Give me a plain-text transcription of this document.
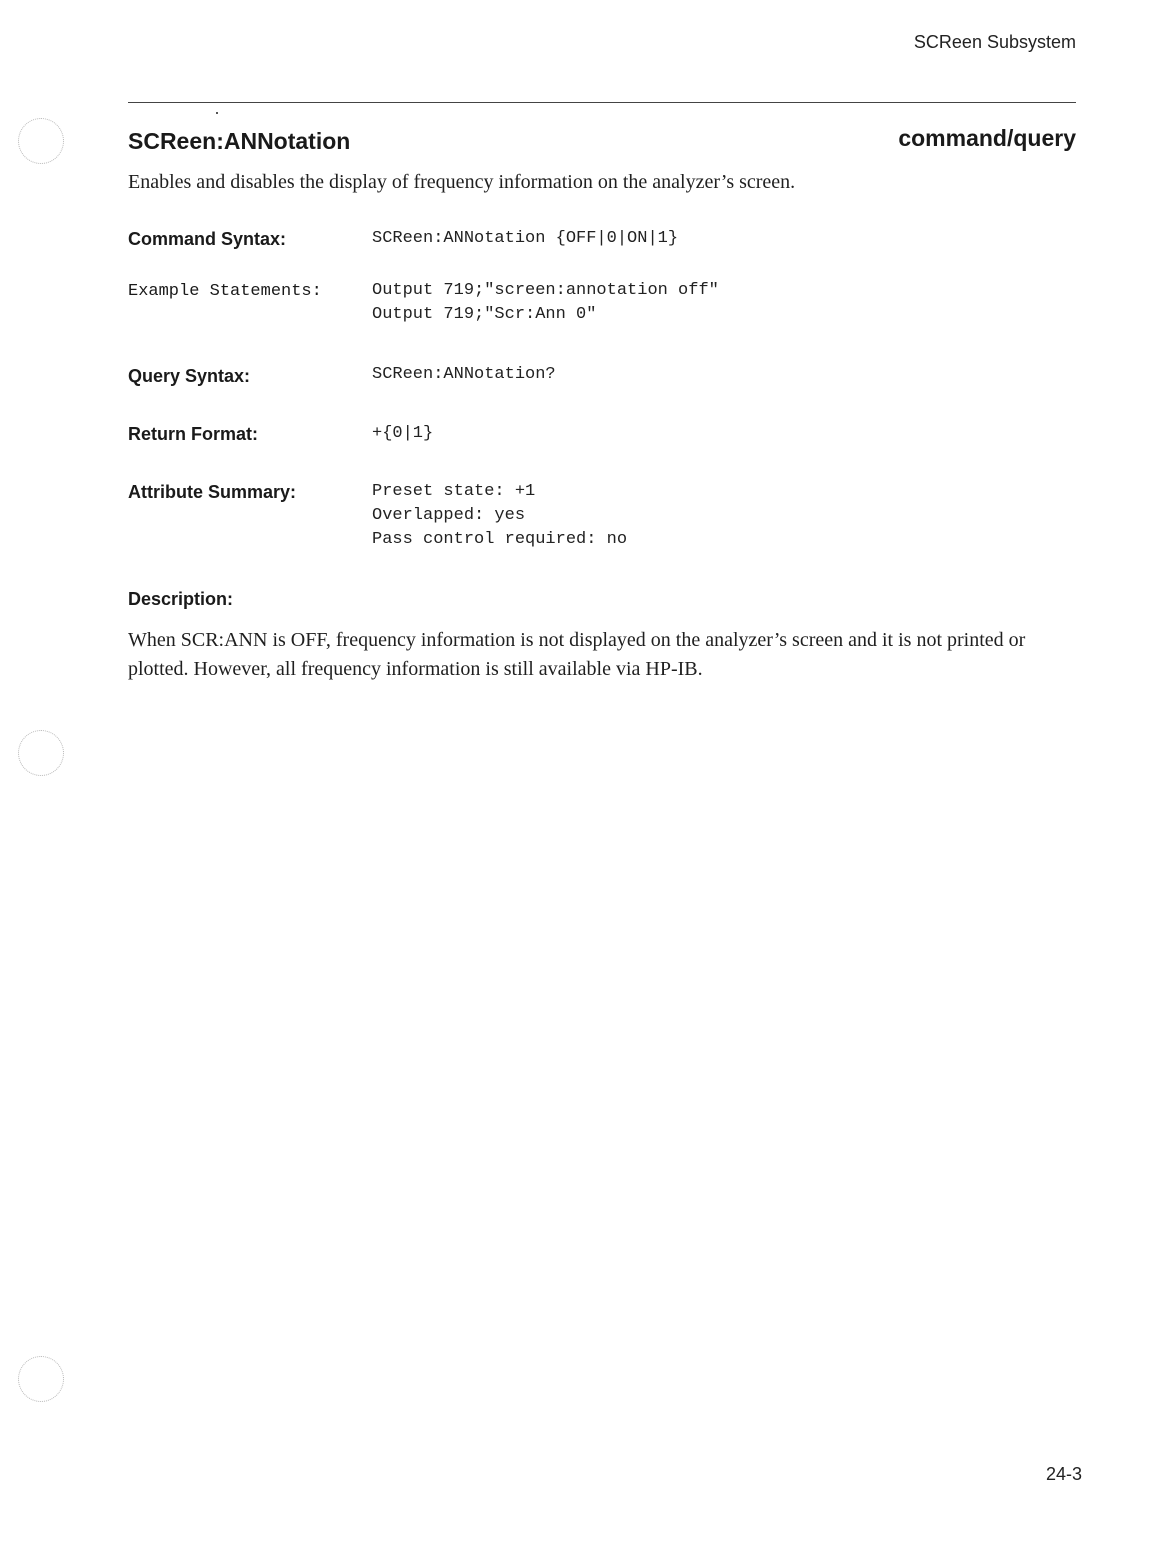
SCReen Subsystem
SCReen:ANNotation	command/query
Enables and disables the display of frequency information on the analyzer’s screen.
Command Syntax:	SCReen:ANNotation {OFF|0|ON|1}
Example Statements:	Output 719;"screen:annotation off"
Output 719;"Scr:Ann 0"
Query Syntax:	SCReen:ANNotation?
Return Format:	+{0|1}
Attribute Summary:	Preset state: +1
Overlapped: yes
Pass control required: no
Description:
When SCR:ANN is OFF, frequency information is not displayed on the analyzer’s screen and it is not printed or plotted. However, all frequency information is still available via HP-IB.
24-3
